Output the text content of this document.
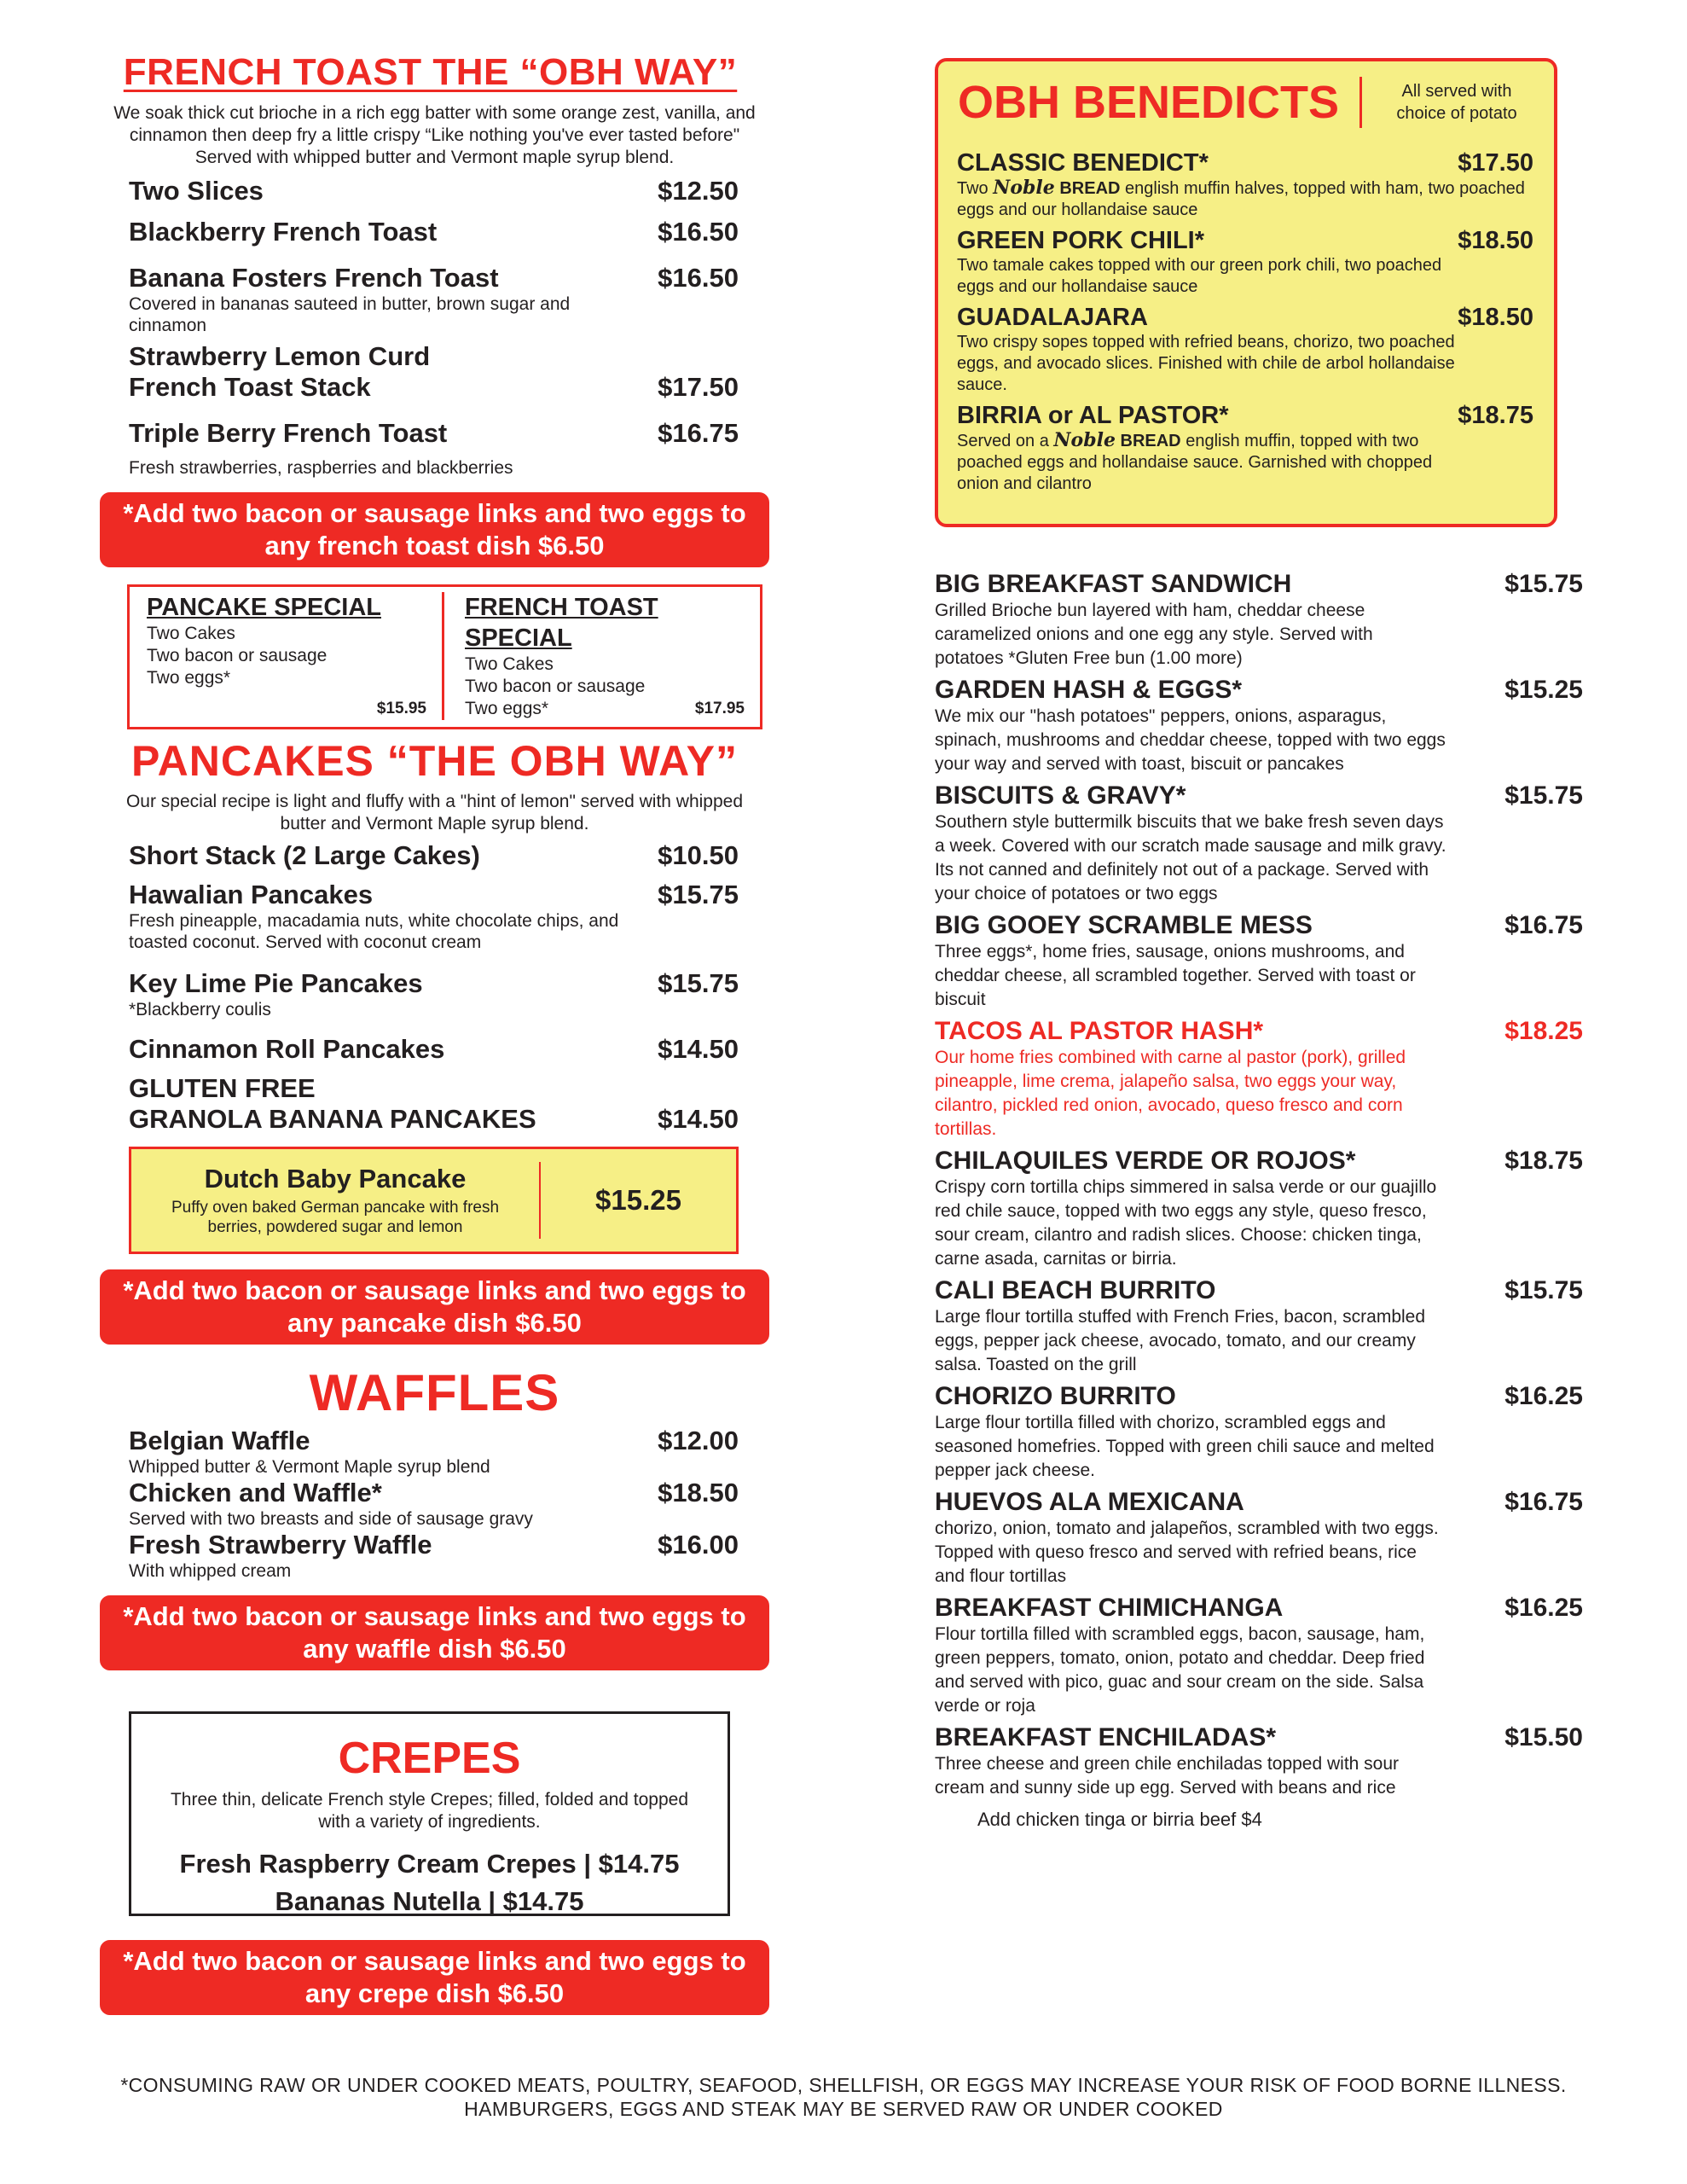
FRENCH TOAST THE “OBH WAY”
We soak thick cut brioche in a rich egg batter with some orange zest, vanilla, and cinnamon then deep fry a little crispy “Like nothing you've ever tasted before" Served with whipped butter and Vermont maple syrup blend.
Two Slices	$12.50
Blackberry French Toast	$16.50
Banana Fosters French Toast	$16.50
Covered in bananas sauteed in butter, brown sugar and cinnamon
Strawberry Lemon Curd
French Toast Stack	$17.50
Triple Berry French Toast	$16.75
Fresh strawberries, raspberries and blackberries
*Add two bacon or sausage links and two eggs to any french toast dish $6.50
PANCAKE SPECIAL
Two Cakes
Two bacon or sausage
Two eggs*
$15.95
FRENCH TOAST SPECIAL
Two Cakes
Two bacon or sausage
Two eggs*	$17.95
PANCAKES “THE OBH WAY”
Our special recipe is light and fluffy with a "hint of lemon" served with whipped butter and Vermont Maple syrup blend.
Short Stack (2 Large Cakes)	$10.50
Hawalian Pancakes	$15.75
Fresh pineapple, macadamia nuts, white chocolate chips, and toasted coconut. Served with coconut cream
Key Lime Pie Pancakes	$15.75
*Blackberry coulis
Cinnamon Roll Pancakes	$14.50
GLUTEN FREE
GRANOLA BANANA PANCAKES	$14.50
Dutch Baby Pancake
Puffy oven baked German pancake with fresh berries, powdered sugar and lemon
$15.25
*Add two bacon or sausage links and two eggs to any pancake dish $6.50
WAFFLES
Belgian Waffle	$12.00
Whipped butter & Vermont Maple syrup blend
Chicken and Waffle*	$18.50
Served with two breasts and side of sausage gravy
Fresh Strawberry Waffle	$16.00
With whipped cream
*Add two bacon or sausage links and two eggs to any waffle dish $6.50
CREPES
Three thin, delicate French style Crepes; filled, folded and topped with a variety of ingredients.
Fresh Raspberry Cream Crepes | $14.75
Bananas Nutella | $14.75
*Add two bacon or sausage links and two eggs to any crepe dish $6.50
OBH BENEDICTS	All served with choice of potato
CLASSIC BENEDICT*	$17.50
Two Noble BREAD english muffin halves, topped with ham, two poached eggs and our hollandaise sauce
GREEN PORK CHILI*	$18.50
Two tamale cakes topped with our green pork chili, two poached eggs and our hollandaise sauce
GUADALAJARA	$18.50
Two crispy sopes topped with refried beans, chorizo, two poached eggs, and avocado slices. Finished with chile de arbol hollandaise sauce.
BIRRIA or AL PASTOR*	$18.75
Served on a Noble BREAD english muffin, topped with two poached eggs and hollandaise sauce. Garnished with chopped onion and cilantro
BIG BREAKFAST SANDWICH	$15.75
Grilled Brioche bun layered with ham, cheddar cheese caramelized onions and one egg any style. Served with potatoes *Gluten Free bun (1.00 more)
GARDEN HASH & EGGS*	$15.25
We mix our "hash potatoes" peppers, onions, asparagus, spinach, mushrooms and cheddar cheese, topped with two eggs your way and served with toast, biscuit or pancakes
BISCUITS & GRAVY*	$15.75
Southern style buttermilk biscuits that we bake fresh seven days a week. Covered with our scratch made sausage and milk gravy. Its not canned and definitely not out of a package. Served with your choice of potatoes or two eggs
BIG GOOEY SCRAMBLE MESS	$16.75
Three eggs*, home fries, sausage, onions mushrooms, and cheddar cheese, all scrambled together. Served with toast or biscuit
TACOS AL PASTOR HASH*	$18.25
Our home fries combined with carne al pastor (pork), grilled pineapple, lime crema, jalapeño salsa, two eggs your way, cilantro, pickled red onion, avocado, queso fresco and corn tortillas.
CHILAQUILES VERDE OR ROJOS*	$18.75
Crispy corn tortilla chips simmered in salsa verde or our guajillo red chile sauce, topped with two eggs any style, queso fresco, sour cream, cilantro and radish slices. Choose: chicken tinga, carne asada, carnitas or birria.
CALI BEACH BURRITO	$15.75
Large flour tortilla stuffed with French Fries, bacon, scrambled eggs, pepper jack cheese, avocado, tomato, and our creamy salsa. Toasted on the grill
CHORIZO BURRITO	$16.25
Large flour tortilla filled with chorizo, scrambled eggs and seasoned homefries. Topped with green chili sauce and melted pepper jack cheese.
HUEVOS ALA MEXICANA	$16.75
chorizo, onion, tomato and jalapeños, scrambled with two eggs. Topped with queso fresco and served with refried beans, rice and flour tortillas
BREAKFAST CHIMICHANGA	$16.25
Flour tortilla filled with scrambled eggs, bacon, sausage, ham, green peppers, tomato, onion, potato and cheddar. Deep fried and served with pico, guac and sour cream on the side. Salsa verde or roja
BREAKFAST ENCHILADAS*	$15.50
Three cheese and green chile enchiladas topped with sour cream and sunny side up egg. Served with beans and rice
Add chicken tinga or birria beef $4
*CONSUMING RAW OR UNDER COOKED MEATS, POULTRY, SEAFOOD, SHELLFISH, OR EGGS MAY INCREASE YOUR RISK OF FOOD BORNE ILLNESS.
HAMBURGERS, EGGS AND STEAK MAY BE SERVED RAW OR UNDER COOKED
